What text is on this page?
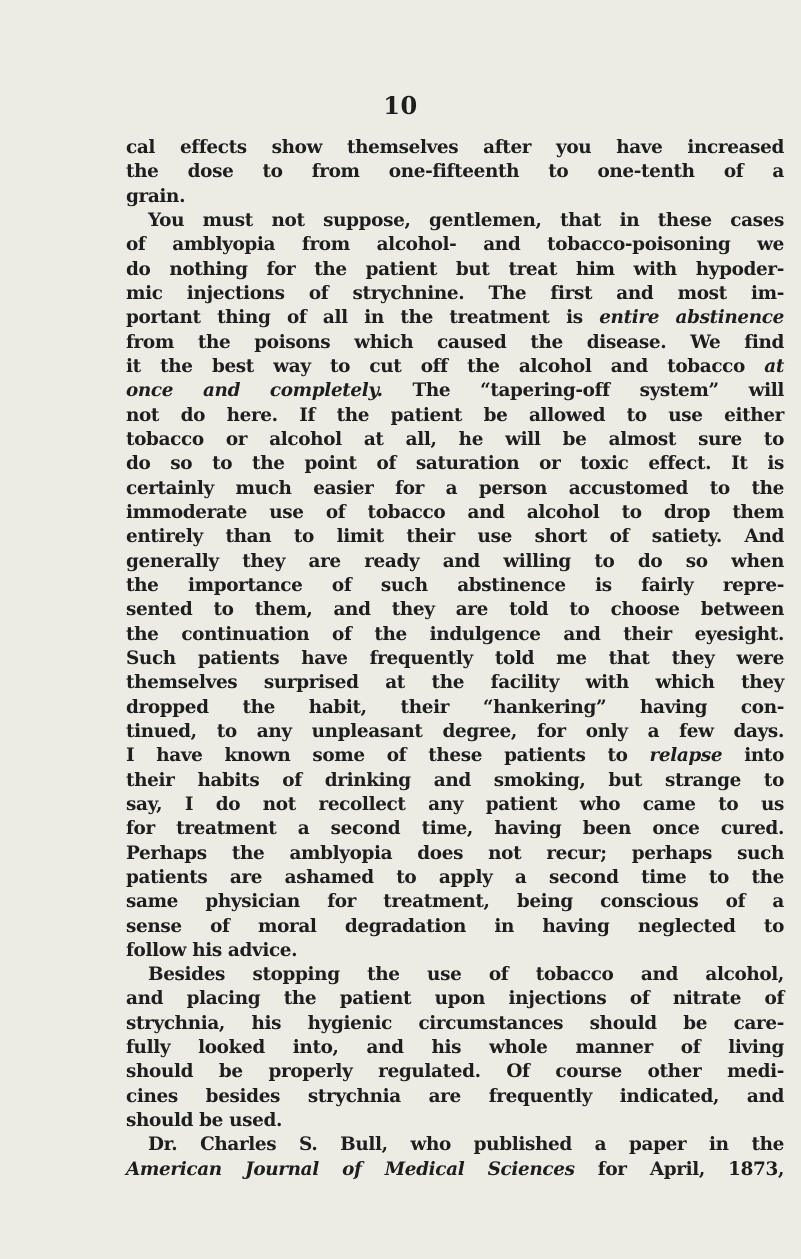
10
cal effects show themselves after you have increased
the dose to from one-fifteenth to one-tenth of a
grain.
You must not suppose, gentlemen, that in these cases
of amblyopia from alcohol- and tobacco-poisoning we
do nothing for the patient but treat him with hypoder-
mic injections of strychnine. The first and most im-
portant thing of all in the treatment is entire abstinence
from the poisons which caused the disease. We find
it the best way to cut off the alcohol and tobacco at
once and completely. The “tapering-off system” will
not do here. If the patient be allowed to use either
tobacco or alcohol at all, he will be almost sure to
do so to the point of saturation or toxic effect. It is
certainly much easier for a person accustomed to the
immoderate use of tobacco and alcohol to drop them
entirely than to limit their use short of satiety. And
generally they are ready and willing to do so when
the importance of such abstinence is fairly repre-
sented to them, and they are told to choose between
the continuation of the indulgence and their eyesight.
Such patients have frequently told me that they were
themselves surprised at the facility with which they
dropped the habit, their “hankering” having con-
tinued, to any unpleasant degree, for only a few days.
I have known some of these patients to relapse into
their habits of drinking and smoking, but strange to
say, I do not recollect any patient who came to us
for treatment a second time, having been once cured.
Perhaps the amblyopia does not recur; perhaps such
patients are ashamed to apply a second time to the
same physician for treatment, being conscious of a
sense of moral degradation in having neglected to
follow his advice.
Besides stopping the use of tobacco and alcohol,
and placing the patient upon injections of nitrate of
strychnia, his hygienic circumstances should be care-
fully looked into, and his whole manner of living
should be properly regulated. Of course other medi-
cines besides strychnia are frequently indicated, and
should be used.
Dr. Charles S. Bull, who published a paper in the
American Journal of Medical Sciences for April, 1873,
